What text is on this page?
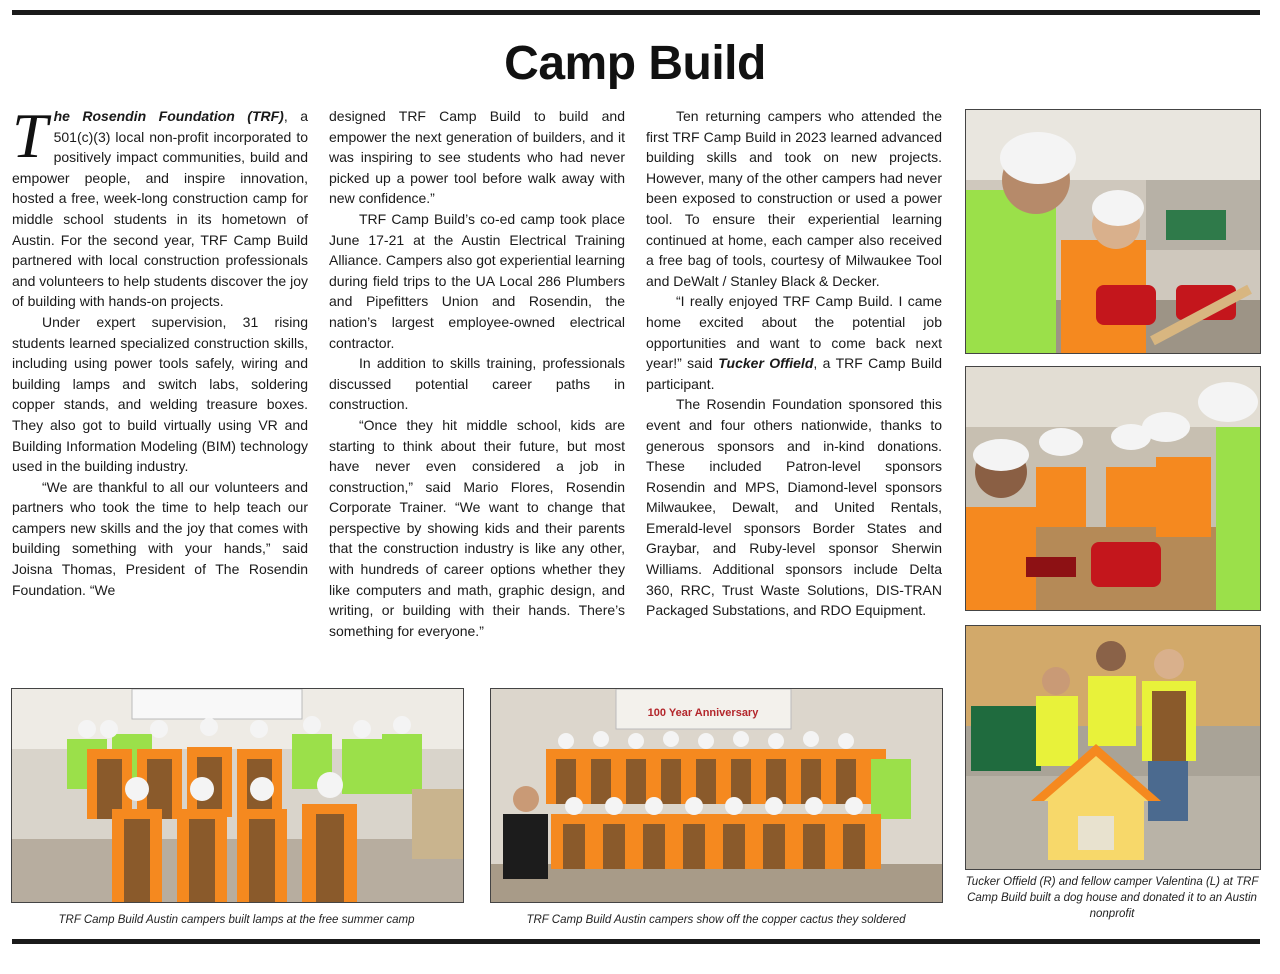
Camp Build

The Rosendin Foundation (TRF), a 501(c)(3) local non-profit incorporated to positively impact communities, build and empower people, and inspire innovation, hosted a free, week-long construction camp for middle school students in its hometown of Austin. For the second year, TRF Camp Build partnered with local construction professionals and volunteers to help students discover the joy of building with hands-on projects.

Under expert supervision, 31 rising students learned specialized construction skills, including using power tools safely, wiring and building lamps and switch labs, soldering copper stands, and welding treasure boxes. They also got to build virtually using VR and Building Information Modeling (BIM) technology used in the building industry.

“We are thankful to all our volunteers and partners who took the time to help teach our campers new skills and the joy that comes with building something with your hands,” said Joisna Thomas, President of The Rosendin Foundation. “We

designed TRF Camp Build to build and empower the next generation of builders, and it was inspiring to see students who had never picked up a power tool before walk away with new confidence.”

TRF Camp Build’s co-ed camp took place June 17-21 at the Austin Electrical Training Alliance. Campers also got experiential learning during field trips to the UA Local 286 Plumbers and Pipefitters Union and Rosendin, the nation’s largest employee-owned electrical contractor.

In addition to skills training, professionals discussed potential career paths in construction.

“Once they hit middle school, kids are starting to think about their future, but most have never even considered a job in construction,” said Mario Flores, Rosendin Corporate Trainer. “We want to change that perspective by showing kids and their parents that the construction industry is like any other, with hundreds of career options whether they like computers and math, graphic design, and writing, or building with their hands. There’s something for everyone.”

Ten returning campers who attended the first TRF Camp Build in 2023 learned advanced building skills and took on new projects. However, many of the other campers had never been exposed to construction or used a power tool. To ensure their experiential learning continued at home, each camper also received a free bag of tools, courtesy of Milwaukee Tool and DeWalt / Stanley Black & Decker.

“I really enjoyed TRF Camp Build. I came home excited about the potential job opportunities and want to come back next year!” said Tucker Offield, a TRF Camp Build participant.

The Rosendin Foundation sponsored this event and four others nationwide, thanks to generous sponsors and in-kind donations. These included Patron-level sponsors Rosendin and MPS, Diamond-level sponsors Milwaukee, Dewalt, and United Rentals, Emerald-level sponsors Border States and Graybar, and Ruby-level sponsor Sherwin Williams. Additional sponsors include Delta 360, RRC, Trust Waste Solutions, DIS-TRAN Packaged Substations, and RDO Equipment.

100 Year Anniversary
TRF Camp Build Austin campers built lamps at the free summer camp	TRF Camp Build Austin campers show off the copper cactus they soldered
Tucker Offield (R) and fellow camper Valentina (L) at TRF Camp Build built a dog house and donated it to an Austin nonprofit
